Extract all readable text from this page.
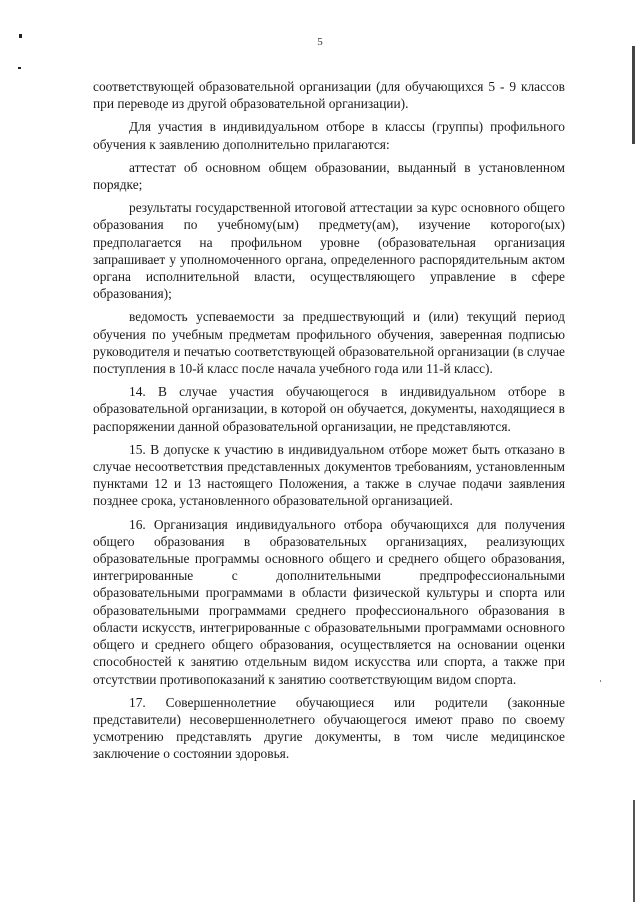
5

соответствующей образовательной организации (для обучающихся 5 - 9 классов при переводе из другой образовательной организации).

Для участия в индивидуальном отборе в классы (группы) профильного обучения к заявлению дополнительно прилагаются:

аттестат об основном общем образовании, выданный в установленном порядке;

результаты государственной итоговой аттестации за курс основного общего образования по учебному(ым) предмету(ам), изучение которого(ых) предполагается на профильном уровне (образовательная организация запрашивает у уполномоченного органа, определенного распорядительным актом органа исполнительной власти, осуществляющего управление в сфере образования);

ведомость успеваемости за предшествующий и (или) текущий период обучения по учебным предметам профильного обучения, заверенная подписью руководителя и печатью соответствующей образовательной организации (в случае поступления в 10-й класс после начала учебного года или 11-й класс).

14. В случае участия обучающегося в индивидуальном отборе в образовательной организации, в которой он обучается, документы, находящиеся в распоряжении данной образовательной организации, не представляются.

15. В допуске к участию в индивидуальном отборе может быть отказано в случае несоответствия представленных документов требованиям, установленным пунктами 12 и 13 настоящего Положения, а также в случае подачи заявления позднее срока, установленного образовательной организацией.

16. Организация индивидуального отбора обучающихся для получения общего образования в образовательных организациях, реализующих образовательные программы основного общего и среднего общего образования, интегрированные с дополнительными предпрофессиональными образовательными программами в области физической культуры и спорта или образовательными программами среднего профессионального образования в области искусств, интегрированные с образовательными программами основного общего и среднего общего образования, осуществляется на основании оценки способностей к занятию отдельным видом искусства или спорта, а также при отсутствии противопоказаний к занятию соответствующим видом спорта.

17. Совершеннолетние обучающиеся или родители (законные представители) несовершеннолетнего обучающегося имеют право по своему усмотрению представлять другие документы, в том числе медицинское заключение о состоянии здоровья.
